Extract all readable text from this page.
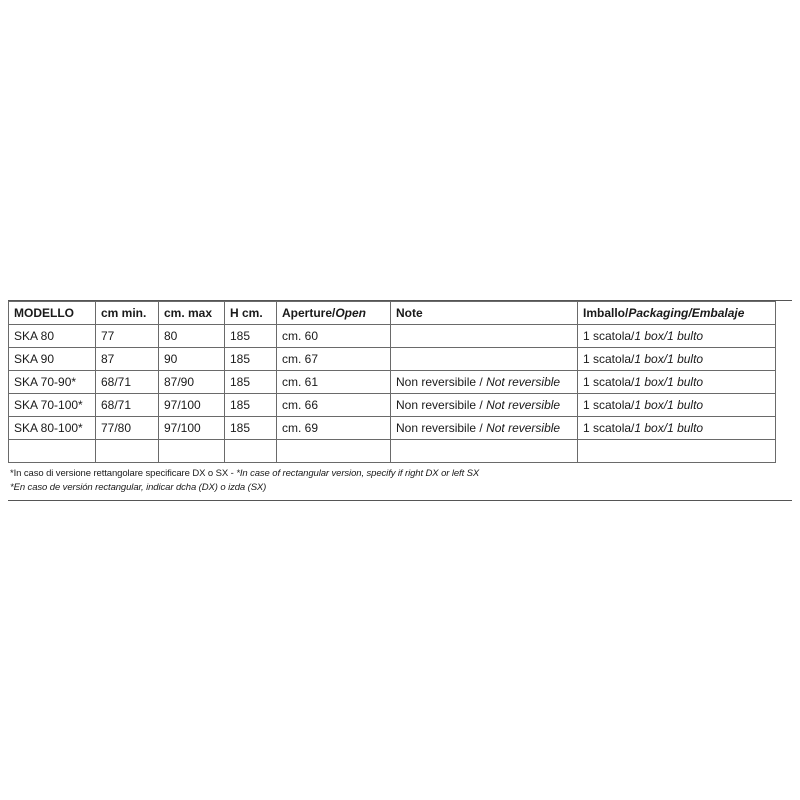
MODELLO	cm min.	cm. max	H cm.	Aperture/Open	Note	Imballo/Packaging/Embalaje
SKA 80	77	80	185	cm. 60		1 scatola/1 box/1 bulto
SKA 90	87	90	185	cm. 67		1 scatola/1 box/1 bulto
SKA 70-90*	68/71	87/90	185	cm. 61	Non reversibile / Not reversible	1 scatola/1 box/1 bulto
SKA 70-100*	68/71	97/100	185	cm. 66	Non reversibile / Not reversible	1 scatola/1 box/1 bulto
SKA 80-100*	77/80	97/100	185	cm. 69	Non reversibile / Not reversible	1 scatola/1 box/1 bulto

*In caso di versione rettangolare specificare DX o SX - *In case of rectangular version, specify if right DX or left SX
*En caso de versión rectangular, indicar dcha (DX) o izda (SX)
